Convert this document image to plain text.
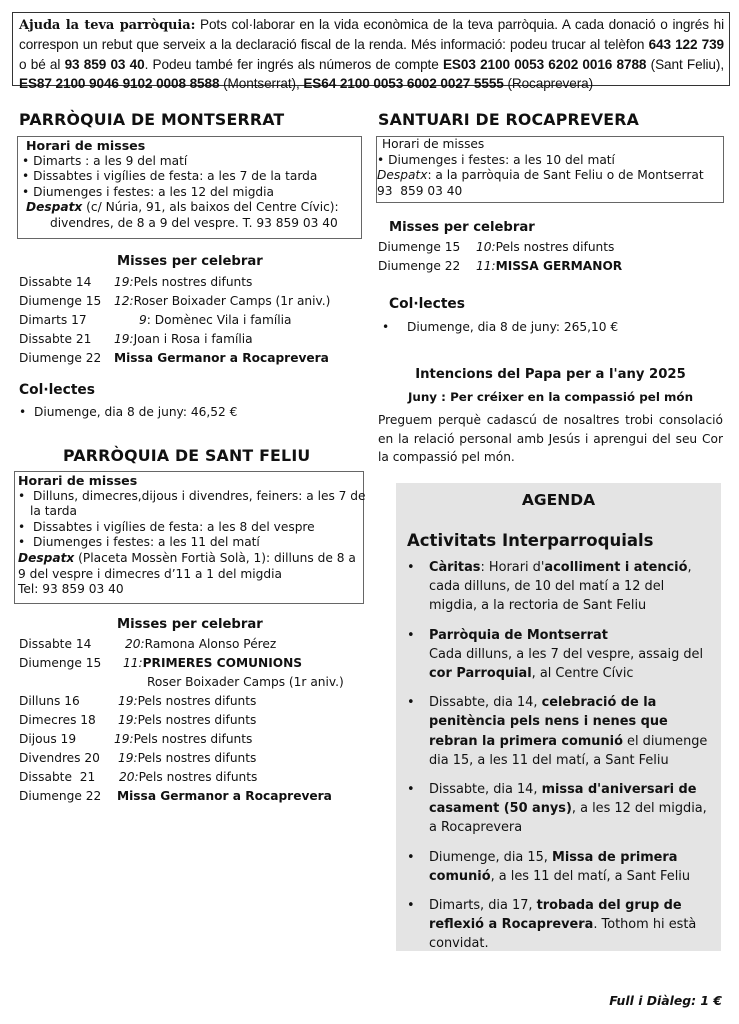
Ajuda la teva parròquia: Pots col·laborar en la vida econòmica de la teva parròquia. A cada donació o ingrés hi correspon un rebut que serveix a la declaració fiscal de la renda. Més informació: podeu trucar al telèfon 643 122 739 o bé al 93 859 03 40. Podeu també fer ingrés als números de compte ES03 2100 0053 6202 0016 8788 (Sant Feliu), ES87 2100 9046 9102 0008 8588 (Montserrat), ES64 2100 0053 6002 0027 5555 (Rocaprevera)
PARRÒQUIA DE MONTSERRAT
Horari de misses
• Dimarts : a les 9 del matí
• Dissabtes i vigílies de festa: a les 7 de la tarda
• Diumenges i festes: a les 12 del migdia
Despatx (c/ Núria, 91, als baixos del Centre Cívic):
divendres, de 8 a 9 del vespre. T. 93 859 03 40
Misses per celebrar
Dissabte 14	19: Pels nostres difunts
Diumenge 15	12: Roser Boixader Camps (1r aniv.)
Dimarts 17	9 : Domènec Vila i família
Dissabte 21	19: Joan i Rosa i família
Diumenge 22	Missa Germanor a Rocaprevera
Col·lectes
•  Diumenge, dia 8 de juny: 46,52 €
PARRÒQUIA DE SANT FELIU
Horari de misses
•  Dilluns, dimecres,dijous i divendres, feiners: a les 7 de
la tarda
•  Dissabtes i vigílies de festa: a les 8 del vespre
•  Diumenges i festes: a les 11 del matí
Despatx (Placeta Mossèn Fortià Solà, 1): dilluns de 8 a
9 del vespre i dimecres d’11 a 1 del migdia
Tel: 93 859 03 40
Misses per celebrar
Dissabte 14	20: Ramona Alonso Pérez
Diumenge 15	11: PRIMERES COMUNIONS
Roser Boixader Camps (1r aniv.)
Dilluns 16	19: Pels nostres difunts
Dimecres 18	19: Pels nostres difunts
Dijous 19	19: Pels nostres difunts
Divendres 20	19: Pels nostres difunts
Dissabte  21	20: Pels nostres difunts
Diumenge 22	Missa Germanor a Rocaprevera
SANTUARI DE ROCAPREVERA
Horari de misses
• Diumenges i festes: a les 10 del matí
Despatx: a la parròquia de Sant Feliu o de Montserrat
93  859 03 40
Misses per celebrar
Diumenge 15	10: Pels nostres difunts
Diumenge 22	11: MISSA GERMANOR
Col·lectes
• Diumenge, dia 8 de juny: 265,10 €
Intencions del Papa per a l'any 2025
Juny : Per créixer en la compassió pel món
Preguem perquè cadascú de nosaltres trobi consolació en la relació personal amb Jesús i aprengui del seu Cor la compassió pel món.
AGENDA
Activitats Interparroquials
• Càritas: Horari d'acolliment i atenció, cada dilluns, de 10 del matí a 12 del migdia, a la rectoria de Sant Feliu
• Parròquia de Montserrat
Cada dilluns, a les 7 del vespre, assaig del cor Parroquial, al Centre Cívic
• Dissabte, dia 14, celebració de la penitència pels nens i nenes que rebran la primera comunió el diumenge dia 15, a les 11 del matí, a Sant Feliu
• Dissabte, dia 14, missa d'aniversari de casament (50 anys), a les 12 del migdia, a Rocaprevera
• Diumenge, dia 15, Missa de primera comunió, a les 11 del matí, a Sant Feliu
• Dimarts, dia 17, trobada del grup de reflexió a Rocaprevera. Tothom hi està convidat.
Full i Diàleg: 1 €
